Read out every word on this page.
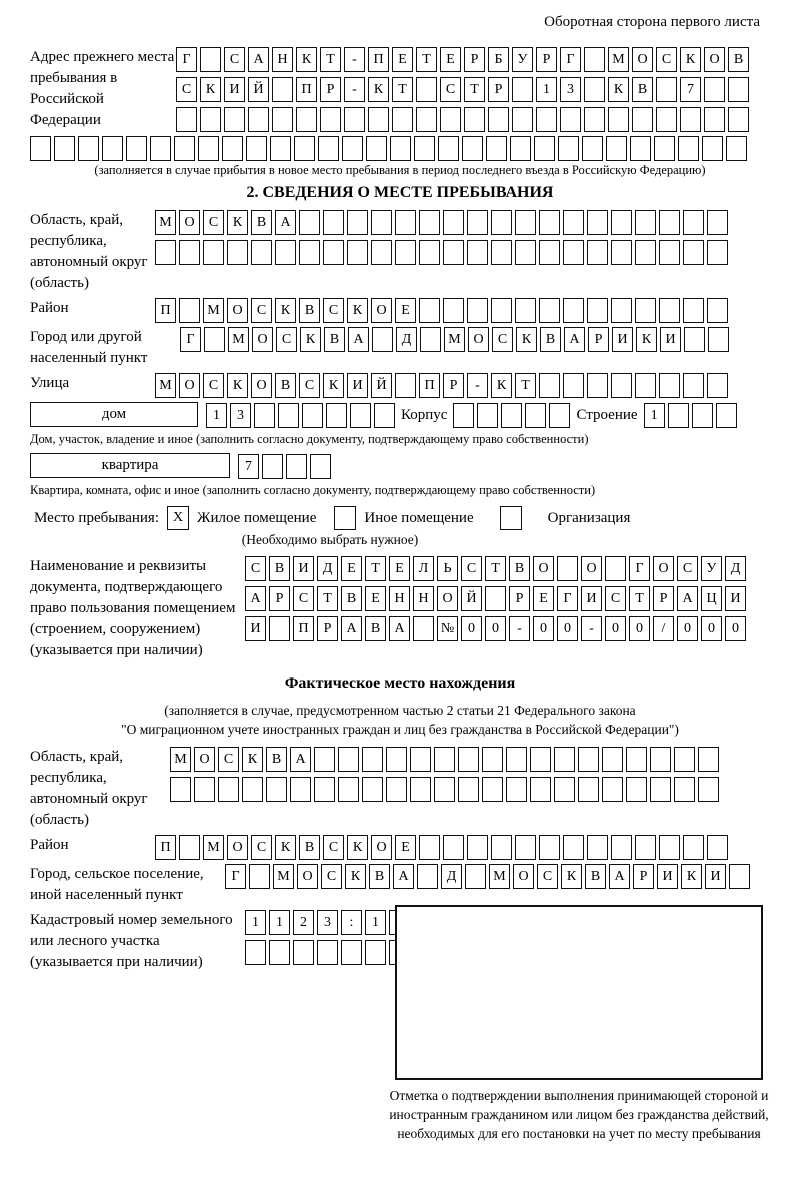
Оборотная сторона первого листа
Адрес прежнего места пребывания в Российской Федерации
Г	С	А Н	К	Т	-	П	Е	Т	Е	Р	Б	У	Р	Г	М О	С	К	О	В
С	К	И Й	П	Р	-	К	Т	С	Т	Р	1	3	К	В	7
(заполняется в случае прибытия в новое место пребывания в период последнего въезда в Российскую Федерацию)
2. СВЕДЕНИЯ О МЕСТЕ ПРЕБЫВАНИЯ
Область, край, республика, автономный округ (область)
М О	С	К	В	А
Район	П	М О	С	К	В	С	К	О	Е
Город или другой населенный пункт
Г	М О	С	К	В	А	Д	М О	С	К	В	А	Р	И	К	И
Улица	М О	С	К	О	В	С	К	И Й	П	Р	-	К	Т
дом	1	3	Корпус	Строение 1
Дом, участок, владение и иное (заполнить согласно документу, подтверждающему право собственности)
квартира	7
Квартира, комната, офис и иное (заполнить согласно документу, подтверждающему право собственности)
Место пребывания: X Жилое помещение	Иное помещение	Организация
(Необходимо выбрать нужное)
Наименование и реквизиты документа, подтверждающего право пользования помещением (строением, сооружением) (указывается при наличии)
С	В	И	Д	Е	Т	Е	Л	Ь	С	Т	В	О	О	Г	О	С	У	Д
А	Р	С	Т	В	Е	Н Н О Й	Р	Е	Г	И	С	Т	Р	А Ц И
И	П	Р	А	В	А	№ 0	0	-	0	0	-	0	0	/	0	0	0
Фактическое место нахождения
(заполняется в случае, предусмотренном частью 2 статьи 21 Федерального закона
"О миграционном учете иностранных граждан и лиц без гражданства в Российской Федерации")
Область, край, республика, автономный округ (область)
М О	С	К	В	А
Район	П	М О	С	К	В	С	К	О	Е
Город, сельское поселение, иной населенный пункт
Г	М О	С	К	В	А	Д	М О	С	К	В	А	Р	И	К	И
Кадастровый номер земельного или лесного участка (указывается при наличии)
1	1	2	3	:	1
Отметка о подтверждении выполнения принимающей стороной и иностранным гражданином или лицом без гражданства действий, необходимых для его постановки на учет по месту пребывания
